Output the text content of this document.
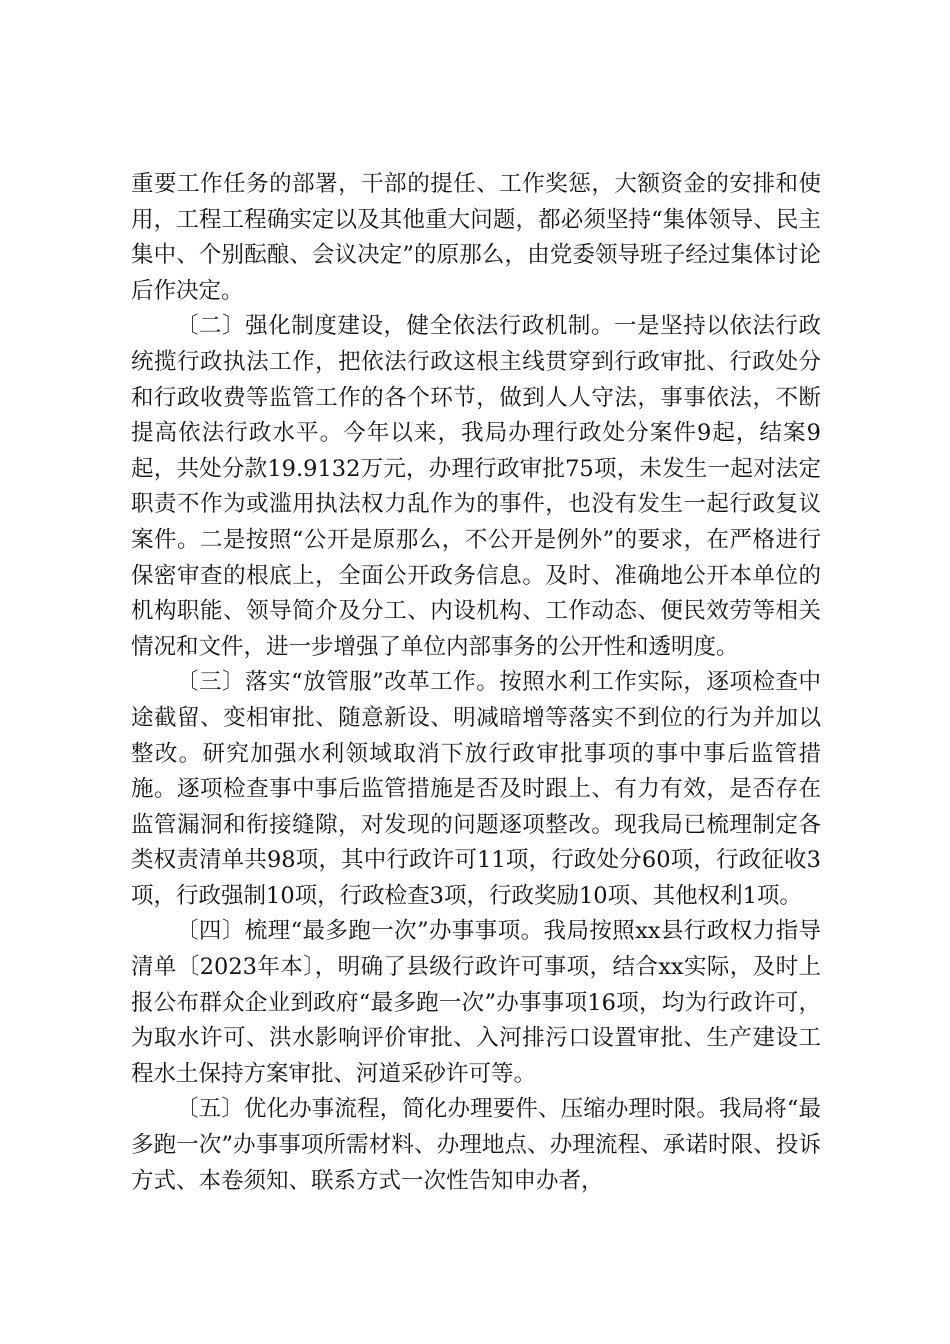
重要工作任务的部署，干部的提任、工作奖惩，大额资金的安排和使用，工程工程确实定以及其他重大问题，都必须坚持“集体领导、民主集中、个别酝酿、会议决定”的原那么，由党委领导班子经过集体讨论后作决定。

〔二〕强化制度建设，健全依法行政机制。一是坚持以依法行政统揽行政执法工作，把依法行政这根主线贯穿到行政审批、行政处分和行政收费等监管工作的各个环节，做到人人守法，事事依法，不断提高依法行政水平。今年以来，我局办理行政处分案件9起，结案9起，共处分款19.9132万元，办理行政审批75项，未发生一起对法定职责不作为或滥用执法权力乱作为的事件，也没有发生一起行政复议案件。二是按照“公开是原那么，不公开是例外”的要求，在严格进行保密审查的根底上，全面公开政务信息。及时、准确地公开本单位的机构职能、领导简介及分工、内设机构、工作动态、便民效劳等相关情况和文件，进一步增强了单位内部事务的公开性和透明度。

〔三〕落实“放管服”改革工作。按照水利工作实际，逐项检查中途截留、变相审批、随意新设、明减暗增等落实不到位的行为并加以整改。研究加强水利领域取消下放行政审批事项的事中事后监管措施。逐项检查事中事后监管措施是否及时跟上、有力有效，是否存在监管漏洞和衔接缝隙，对发现的问题逐项整改。现我局已梳理制定各类权责清单共98项，其中行政许可11项，行政处分60项，行政征收3项，行政强制10项，行政检查3项，行政奖励10项、其他权利1项。

〔四〕梳理“最多跑一次”办事事项。我局按照xx县行政权力指导清单〔2023年本〕，明确了县级行政许可事项，结合xx实际，及时上报公布群众企业到政府“最多跑一次”办事事项16项，均为行政许可，为取水许可、洪水影响评价审批、入河排污口设置审批、生产建设工程水土保持方案审批、河道采砂许可等。

〔五〕优化办事流程，简化办理要件、压缩办理时限。我局将“最多跑一次”办事事项所需材料、办理地点、办理流程、承诺时限、投诉方式、本卷须知、联系方式一次性告知申办者，
